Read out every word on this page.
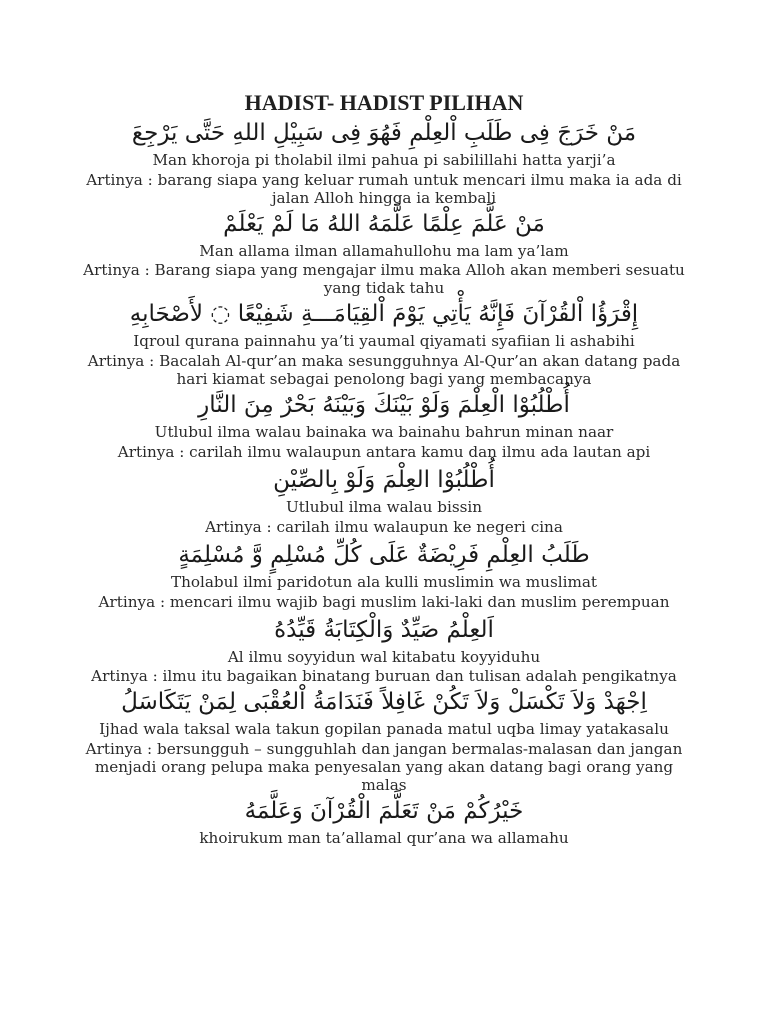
HADIST- HADIST PILIHAN

مَنْ خَرَجَ فِى طَلَبِ اْلعِلْمِ فَهُوَ فِى سَبِيْلِ اللهِ حَتَّى يَرْجِعَ

Man khoroja pi tholabil ilmi pahua pi sabilillahi hatta yarji’a

Artinya : barang siapa yang keluar rumah untuk mencari ilmu maka ia ada di jalan Alloh hingga ia kembali

مَنْ عَلَّمَ عِلْمًا عَلَّمَهُ اللهُ مَا لَمْ يَعْلَمْ

Man allama ilman allamahullohu ma lam ya’lam

Artinya : Barang siapa yang mengajar ilmu maka Alloh akan memberi sesuatu yang tidak tahu

إِقْرَؤُا اْلقُرْآنَ فَإِنَّهُ يَأْتِي يَوْمَ اْلقِيَامَـــةِ شَفِيْعًا ◌ لأَصْحَابِهِ

Iqroul qurana painnahu ya’ti yaumal qiyamati syafiian li ashabihi

Artinya : Bacalah Al-qur’an maka sesungguhnya Al-Qur’an akan datang pada hari kiamat sebagai penolong bagi yang membacanya

أُطْلُبُوْا الْعِلْمَ وَلَوْ بَيْنَكَ وَبَيْنَهُ بَحْرٌ مِنَ النَّارِ

Utlubul ilma walau bainaka wa bainahu bahrun minan naar

Artinya : carilah ilmu walaupun antara kamu dan ilmu ada lautan api

أُطْلُبُوْا العِلْمَ وَلَوْ بِالصِّيْنِ

Utlubul ilma walau bissin

Artinya : carilah ilmu walaupun ke negeri cina

طَلَبُ العِلْمِ فَرِيْضَةٌ عَلَى كُلِّ مُسْلِمٍ وَّ مُسْلِمَةٍ

Tholabul ilmi paridotun ala kulli muslimin wa muslimat

Artinya : mencari ilmu wajib bagi muslim laki-laki dan muslim perempuan

اَلعِلْمُ صَيِّدٌ وَالْكِتَابَةُ قَيِّدُهُ

Al ilmu soyyidun wal kitabatu koyyiduhu

Artinya : ilmu itu bagaikan binatang buruan dan tulisan adalah pengikatnya

اِجْهَدْ وَلاَ تَكْسَلْ وَلاَ تَكُنْ غَافِلاً فَنَدَامَةُ اْلعُقْبَى لِمَنْ يَتَكَاسَلُ

Ijhad wala taksal wala takun gopilan panada matul uqba limay yatakasalu

Artinya : bersungguh – sungguhlah dan jangan bermalas-malasan dan jangan menjadi orang pelupa maka penyesalan yang akan datang bagi orang yang malas

خَيْرُكُمْ مَنْ تَعَلَّمَ الْقُرْآنَ وَعَلَّمَهُ

khoirukum man ta’allamal qur’ana wa allamahu
